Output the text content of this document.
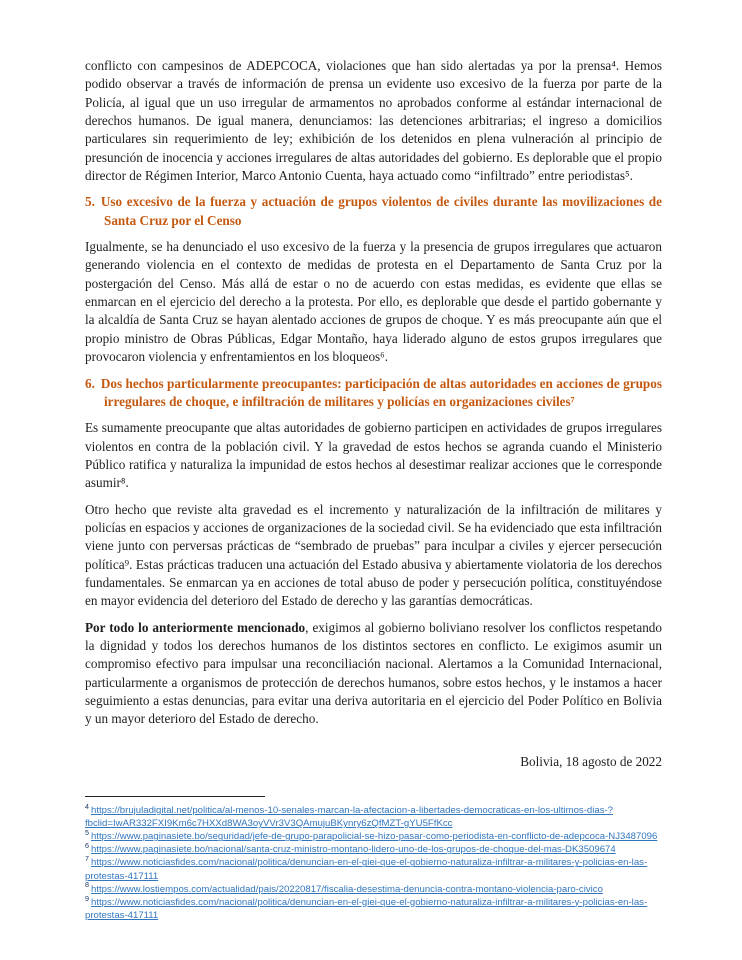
conflicto con campesinos de ADEPCOCA, violaciones que han sido alertadas ya por la prensa⁴. Hemos podido observar a través de información de prensa un evidente uso excesivo de la fuerza por parte de la Policía, al igual que un uso irregular de armamentos no aprobados conforme al estándar internacional de derechos humanos. De igual manera, denunciamos: las detenciones arbitrarias; el ingreso a domicilios particulares sin requerimiento de ley; exhibición de los detenidos en plena vulneración al principio de presunción de inocencia y acciones irregulares de altas autoridades del gobierno. Es deplorable que el propio director de Régimen Interior, Marco Antonio Cuenta, haya actuado como “infiltrado” entre periodistas⁵.

5. Uso excesivo de la fuerza y actuación de grupos violentos de civiles durante las movilizaciones de Santa Cruz por el Censo

Igualmente, se ha denunciado el uso excesivo de la fuerza y la presencia de grupos irregulares que actuaron generando violencia en el contexto de medidas de protesta en el Departamento de Santa Cruz por la postergación del Censo. Más allá de estar o no de acuerdo con estas medidas, es evidente que ellas se enmarcan en el ejercicio del derecho a la protesta. Por ello, es deplorable que desde el partido gobernante y la alcaldía de Santa Cruz se hayan alentado acciones de grupos de choque. Y es más preocupante aún que el propio ministro de Obras Públicas, Edgar Montaño, haya liderado alguno de estos grupos irregulares que provocaron violencia y enfrentamientos en los bloqueos⁶.

6. Dos hechos particularmente preocupantes: participación de altas autoridades en acciones de grupos irregulares de choque, e infiltración de militares y policías en organizaciones civiles⁷

Es sumamente preocupante que altas autoridades de gobierno participen en actividades de grupos irregulares violentos en contra de la población civil. Y la gravedad de estos hechos se agranda cuando el Ministerio Público ratifica y naturaliza la impunidad de estos hechos al desestimar realizar acciones que le corresponde asumir⁸.

Otro hecho que reviste alta gravedad es el incremento y naturalización de la infiltración de militares y policías en espacios y acciones de organizaciones de la sociedad civil. Se ha evidenciado que esta infiltración viene junto con perversas prácticas de “sembrado de pruebas” para inculpar a civiles y ejercer persecución política⁹. Estas prácticas traducen una actuación del Estado abusiva y abiertamente violatoria de los derechos fundamentales. Se enmarcan ya en acciones de total abuso de poder y persecución política, constituyéndose en mayor evidencia del deterioro del Estado de derecho y las garantías democráticas.

Por todo lo anteriormente mencionado, exigimos al gobierno boliviano resolver los conflictos respetando la dignidad y todos los derechos humanos de los distintos sectores en conflicto. Le exigimos asumir un compromiso efectivo para impulsar una reconciliación nacional. Alertamos a la Comunidad Internacional, particularmente a organismos de protección de derechos humanos, sobre estos hechos, y le instamos a hacer seguimiento a estas denuncias, para evitar una deriva autoritaria en el ejercicio del Poder Político en Bolivia y un mayor deterioro del Estado de derecho.

Bolivia, 18 agosto de 2022

$^4$ https://brujuladigital.net/politica/al-menos-10-senales-marcan-la-afectacion-a-libertades-democraticas-en-los-ultimos-dias-?fbclid=IwAR332FXI9Km6c7HXXd8WA3oyVVr3V3QAmujuBKynry6zQfMZT-gYU5FfKcc
$^5$ https://www.paginasiete.bo/seguridad/jefe-de-grupo-parapolicial-se-hizo-pasar-como-periodista-en-conflicto-de-adepcoca-NJ3487096
$^6$ https://www.paginasiete.bo/nacional/santa-cruz-ministro-montano-lidero-uno-de-los-grupos-de-choque-del-mas-DK3509674
$^7$ https://www.noticiasfides.com/nacional/politica/denuncian-en-el-giei-que-el-gobierno-naturaliza-infiltrar-a-militares-y-policias-en-las-protestas-417111
$^8$ https://www.lostiempos.com/actualidad/pais/20220817/fiscalia-desestima-denuncia-contra-montano-violencia-paro-civico
$^9$ https://www.noticiasfides.com/nacional/politica/denuncian-en-el-giei-que-el-gobierno-naturaliza-infiltrar-a-militares-y-policias-en-las-protestas-417111
